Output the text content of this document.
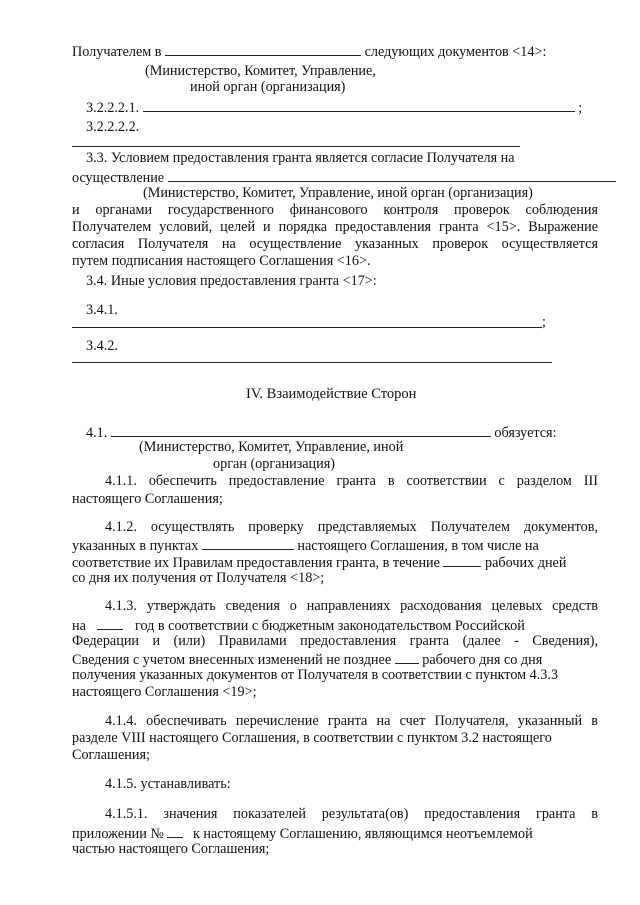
Получателем в	следующих документов <14>:
(Министерство, Комитет, Управление,
иной орган (организация)
3.2.2.2.1.	;
3.2.2.2.2.
3.3. Условием предоставления гранта является согласие Получателя на
осуществление
(Министерство, Комитет, Управление, иной орган (организация)
и органами государственного финансового контроля проверок соблюдения
Получателем условий, целей и порядка предоставления гранта <15>. Выражение
согласия Получателя на осуществление указанных проверок осуществляется
путем подписания настоящего Соглашения <16>.
3.4. Иные условия предоставления гранта <17>:
3.4.1.
;
3.4.2.
IV. Взаимодействие Сторон
4.1.	обязуется:
(Министерство, Комитет, Управление, иной
орган (организация)
4.1.1. обеспечить предоставление гранта в соответствии с разделом III
настоящего Соглашения;
4.1.2. осуществлять проверку представляемых Получателем документов,
указанных в пунктах	настоящего Соглашения, в том числе на
соответствие их Правилам предоставления гранта, в течение	рабочих дней
со дня их получения от Получателя <18>;
4.1.3. утверждать сведения о направлениях расходования целевых средств
на	год в соответствии с бюджетным законодательством Российской
Федерации и (или) Правилами предоставления гранта (далее - Сведения),
Сведения с учетом внесенных изменений не позднее рабочего дня со дня
получения указанных документов от Получателя в соответствии с пунктом 4.3.3
настоящего Соглашения <19>;
4.1.4. обеспечивать перечисление гранта на счет Получателя, указанный в
разделе VIII настоящего Соглашения, в соответствии с пунктом 3.2 настоящего
Соглашения;
4.1.5. устанавливать:
4.1.5.1. значения показателей результата(ов) предоставления гранта в
приложении № к настоящему Соглашению, являющимся неотъемлемой
частью настоящего Соглашения;
